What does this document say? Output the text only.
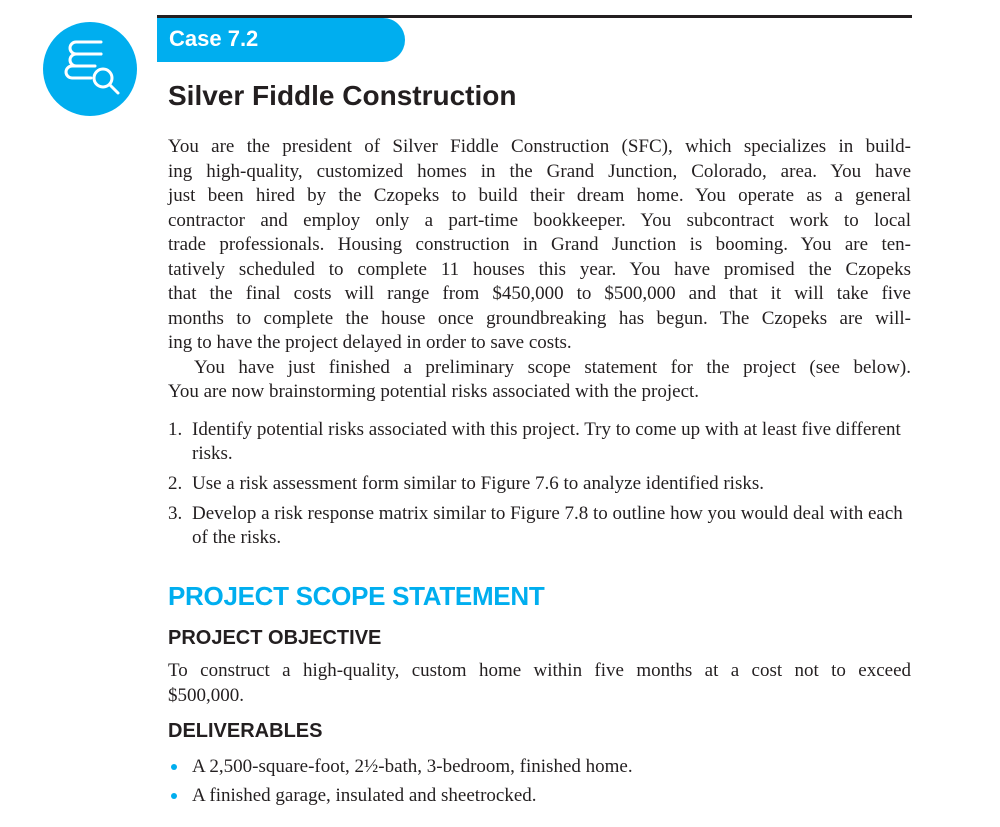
Case 7.2
Silver Fiddle Construction
You are the president of Silver Fiddle Construction (SFC), which specializes in build-
ing high-quality, customized homes in the Grand Junction, Colorado, area. You have
just been hired by the Czopeks to build their dream home. You operate as a general
contractor and employ only a part-time bookkeeper. You subcontract work to local
trade professionals. Housing construction in Grand Junction is booming. You are ten-
tatively scheduled to complete 11 houses this year. You have promised the Czopeks
that the final costs will range from $450,000 to $500,000 and that it will take five
months to complete the house once groundbreaking has begun. The Czopeks are will-
ing to have the project delayed in order to save costs.
You have just finished a preliminary scope statement for the project (see below).
You are now brainstorming potential risks associated with the project.
1. Identify potential risks associated with this project. Try to come up with at least five different risks.
2. Use a risk assessment form similar to Figure 7.6 to analyze identified risks.
3. Develop a risk response matrix similar to Figure 7.8 to outline how you would deal with each of the risks.
PROJECT SCOPE STATEMENT
PROJECT OBJECTIVE
To construct a high-quality, custom home within five months at a cost not to exceed
$500,000.
DELIVERABLES
A 2,500-square-foot, 2½-bath, 3-bedroom, finished home.
A finished garage, insulated and sheetrocked.
